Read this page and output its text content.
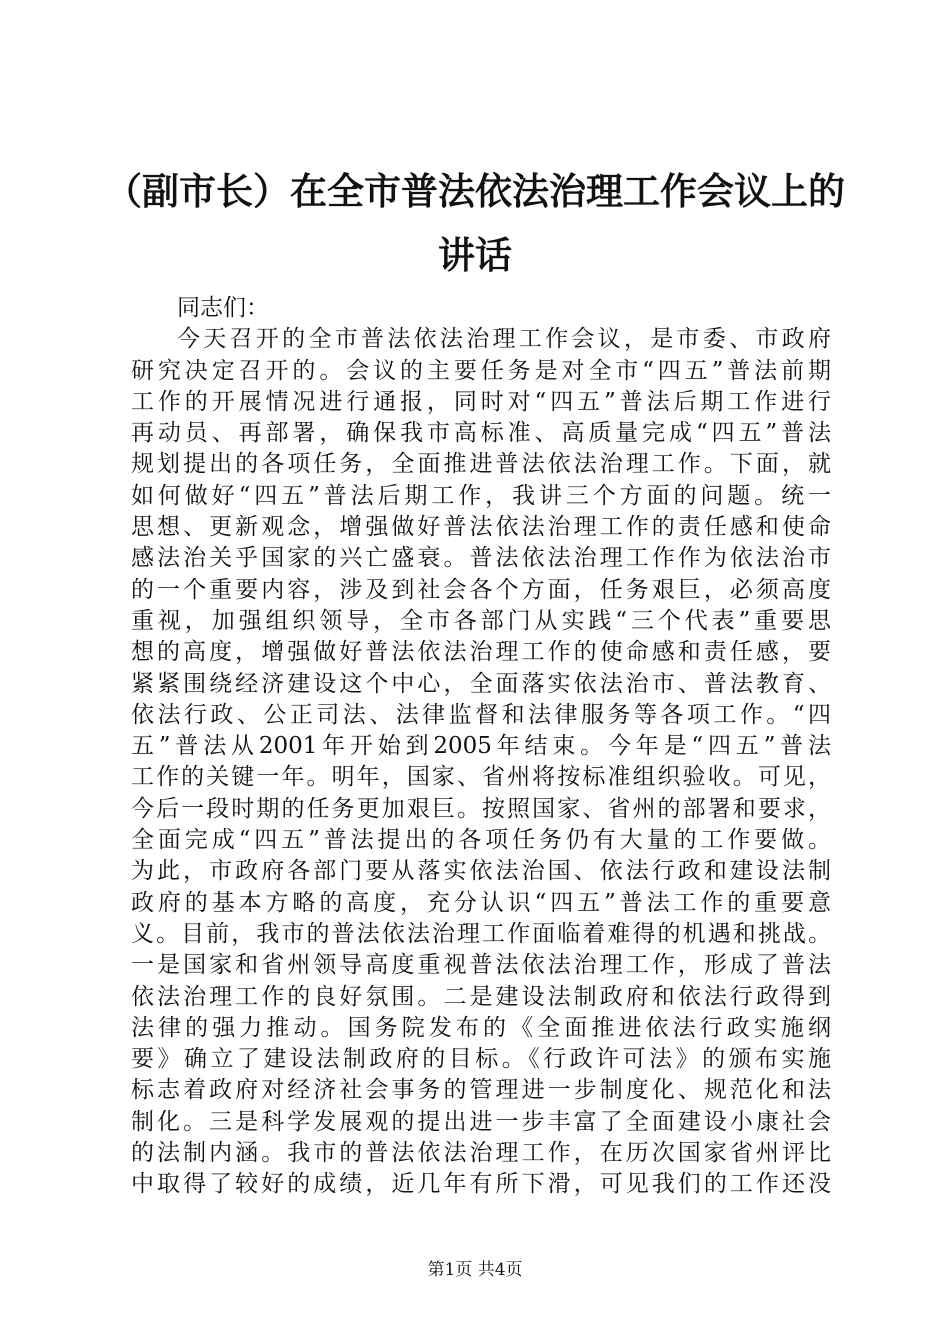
（副市长）在全市普法依法治理工作会议上的
讲话
同志们：
今天召开的全市普法依法治理工作会议，是市委、市政府
研究决定召开的。会议的主要任务是对全市“四五”普法前期
工作的开展情况进行通报，同时对“四五”普法后期工作进行
再动员、再部署，确保我市高标准、高质量完成“四五”普法
规划提出的各项任务，全面推进普法依法治理工作。下面，就
如何做好“四五”普法后期工作，我讲三个方面的问题。统一
思想、更新观念，增强做好普法依法治理工作的责任感和使命
感法治关乎国家的兴亡盛衰。普法依法治理工作作为依法治市
的一个重要内容，涉及到社会各个方面，任务艰巨，必须高度
重视，加强组织领导，全市各部门从实践“三个代表”重要思
想的高度，增强做好普法依法治理工作的使命感和责任感，要
紧紧围绕经济建设这个中心，全面落实依法治市、普法教育、
依法行政、公正司法、法律监督和法律服务等各项工作。“四
五”普法从2001年开始到2005年结束。今年是“四五”普法
工作的关键一年。明年，国家、省州将按标准组织验收。可见，
今后一段时期的任务更加艰巨。按照国家、省州的部署和要求，
全面完成“四五”普法提出的各项任务仍有大量的工作要做。
为此，市政府各部门要从落实依法治国、依法行政和建设法制
政府的基本方略的高度，充分认识“四五”普法工作的重要意
义。目前，我市的普法依法治理工作面临着难得的机遇和挑战。
一是国家和省州领导高度重视普法依法治理工作，形成了普法
依法治理工作的良好氛围。二是建设法制政府和依法行政得到
法律的强力推动。国务院发布的《全面推进依法行政实施纲
要》确立了建设法制政府的目标。《行政许可法》的颁布实施
标志着政府对经济社会事务的管理进一步制度化、规范化和法
制化。三是科学发展观的提出进一步丰富了全面建设小康社会
的法制内涵。我市的普法依法治理工作，在历次国家省州评比
中取得了较好的成绩，近几年有所下滑，可见我们的工作还没
第1页 共4页
